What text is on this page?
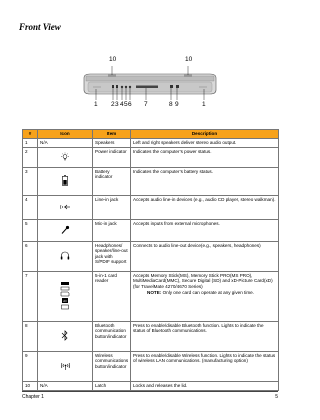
Front View
10	10
1 2 3 4 5 6 7	8 9	1
#	Icon	Item	Description
1	N/A	Speakers	Left and right speakers deliver stereo audio output.
2		Power indicator	Indicates the computer’s power status.
3		Battery indicator	Indicates the computer’s battery status.
4		Line-in jack	Accepts audio line-in devices (e.g., audio CD player, stereo walkman).
5		Mic-in jack	Accepts inputs from external microphones.
6		Headphones/ speaker/line-out jack with S/PDIF support	Connects to audio line-out device(e.g., speakers, headphones)
7	xD	5-in-1 card reader	Accepts Memory Stick(MS), Memory Stick PRO(MS PRO), MultiMediaCard(MMC), Secure Digital (SD) and xD-Picture Card(xD)
(for TravelMate 4270/4670 Series)
NOTE: Only one card can operate at any given time.

8		Bluetooth communication button/indicator	Press to enable/disable Bluetooth function. Lights to indicate the status of Bluetooth communications.
9		Wireless communications button/indicator	Press to enable/disable Wireless function. Lights to indicate the status of wireless LAN communications. (manufacturing option)
10	N/A	Latch	Locks and releases the lid.
Chapter 1	5
